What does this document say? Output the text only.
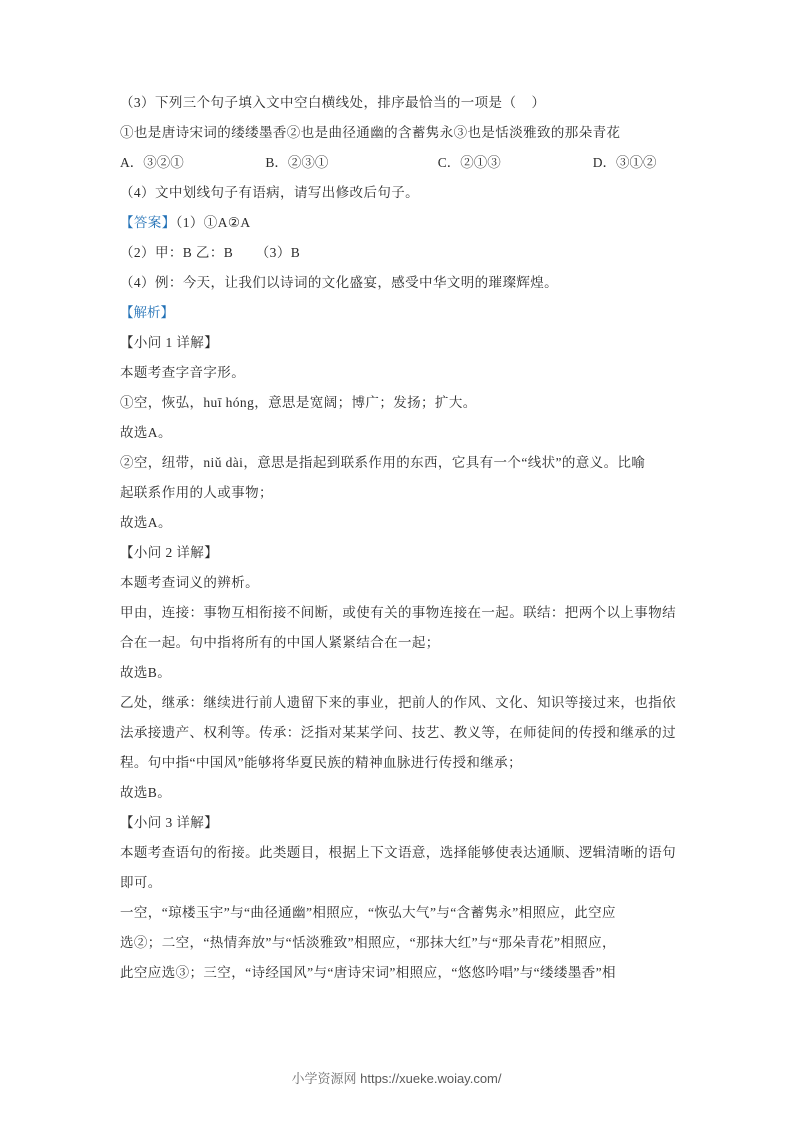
（3）下列三个句子填入文中空白横线处，排序最恰当的一项是（    ）
①也是唐诗宋词的缕缕墨香②也是曲径通幽的含蓄隽永③也是恬淡雅致的那朵青花
A．③②①	B．②③①	C．②①③	D．③①②
（4）文中划线句子有语病，请写出修改后句子。
【答案】（1）①A②A
（2）甲：B 乙：B      （3）B
（4）例：今天，让我们以诗词的文化盛宴，感受中华文明的璀璨辉煌。
【解析】
【小问 1 详解】
本题考查字音字形。
①空，恢弘，huī hóng，意思是宽阔；博广；发扬；扩大。
故选A。
②空，纽带，niǔ dài，意思是指起到联系作用的东西，它具有一个“线状”的意义。比喻
起联系作用的人或事物；
故选A。
【小问 2 详解】
本题考查词义的辨析。
甲由，连接：事物互相衔接不间断，或使有关的事物连接在一起。联结：把两个以上事物结
合在一起。句中指将所有的中国人紧紧结合在一起；
故选B。
乙处，继承：继续进行前人遗留下来的事业，把前人的作风、文化、知识等接过来，也指依
法承接遗产、权利等。传承：泛指对某某学问、技艺、教义等，在师徒间的传授和继承的过
程。句中指“中国风”能够将华夏民族的精神血脉进行传授和继承；
故选B。
【小问 3 详解】
本题考查语句的衔接。此类题目，根据上下文语意，选择能够使表达通顺、逻辑清晰的语句
即可。
一空，“琼楼玉宇”与“曲径通幽”相照应，“恢弘大气”与“含蓄隽永”相照应，此空应
选②；二空，“热情奔放”与“恬淡雅致”相照应，“那抹大红”与“那朵青花”相照应，
此空应选③；三空，“诗经国风”与“唐诗宋词”相照应，“悠悠吟唱”与“缕缕墨香”相
小学资源网 https://xueke.woiay.com/
